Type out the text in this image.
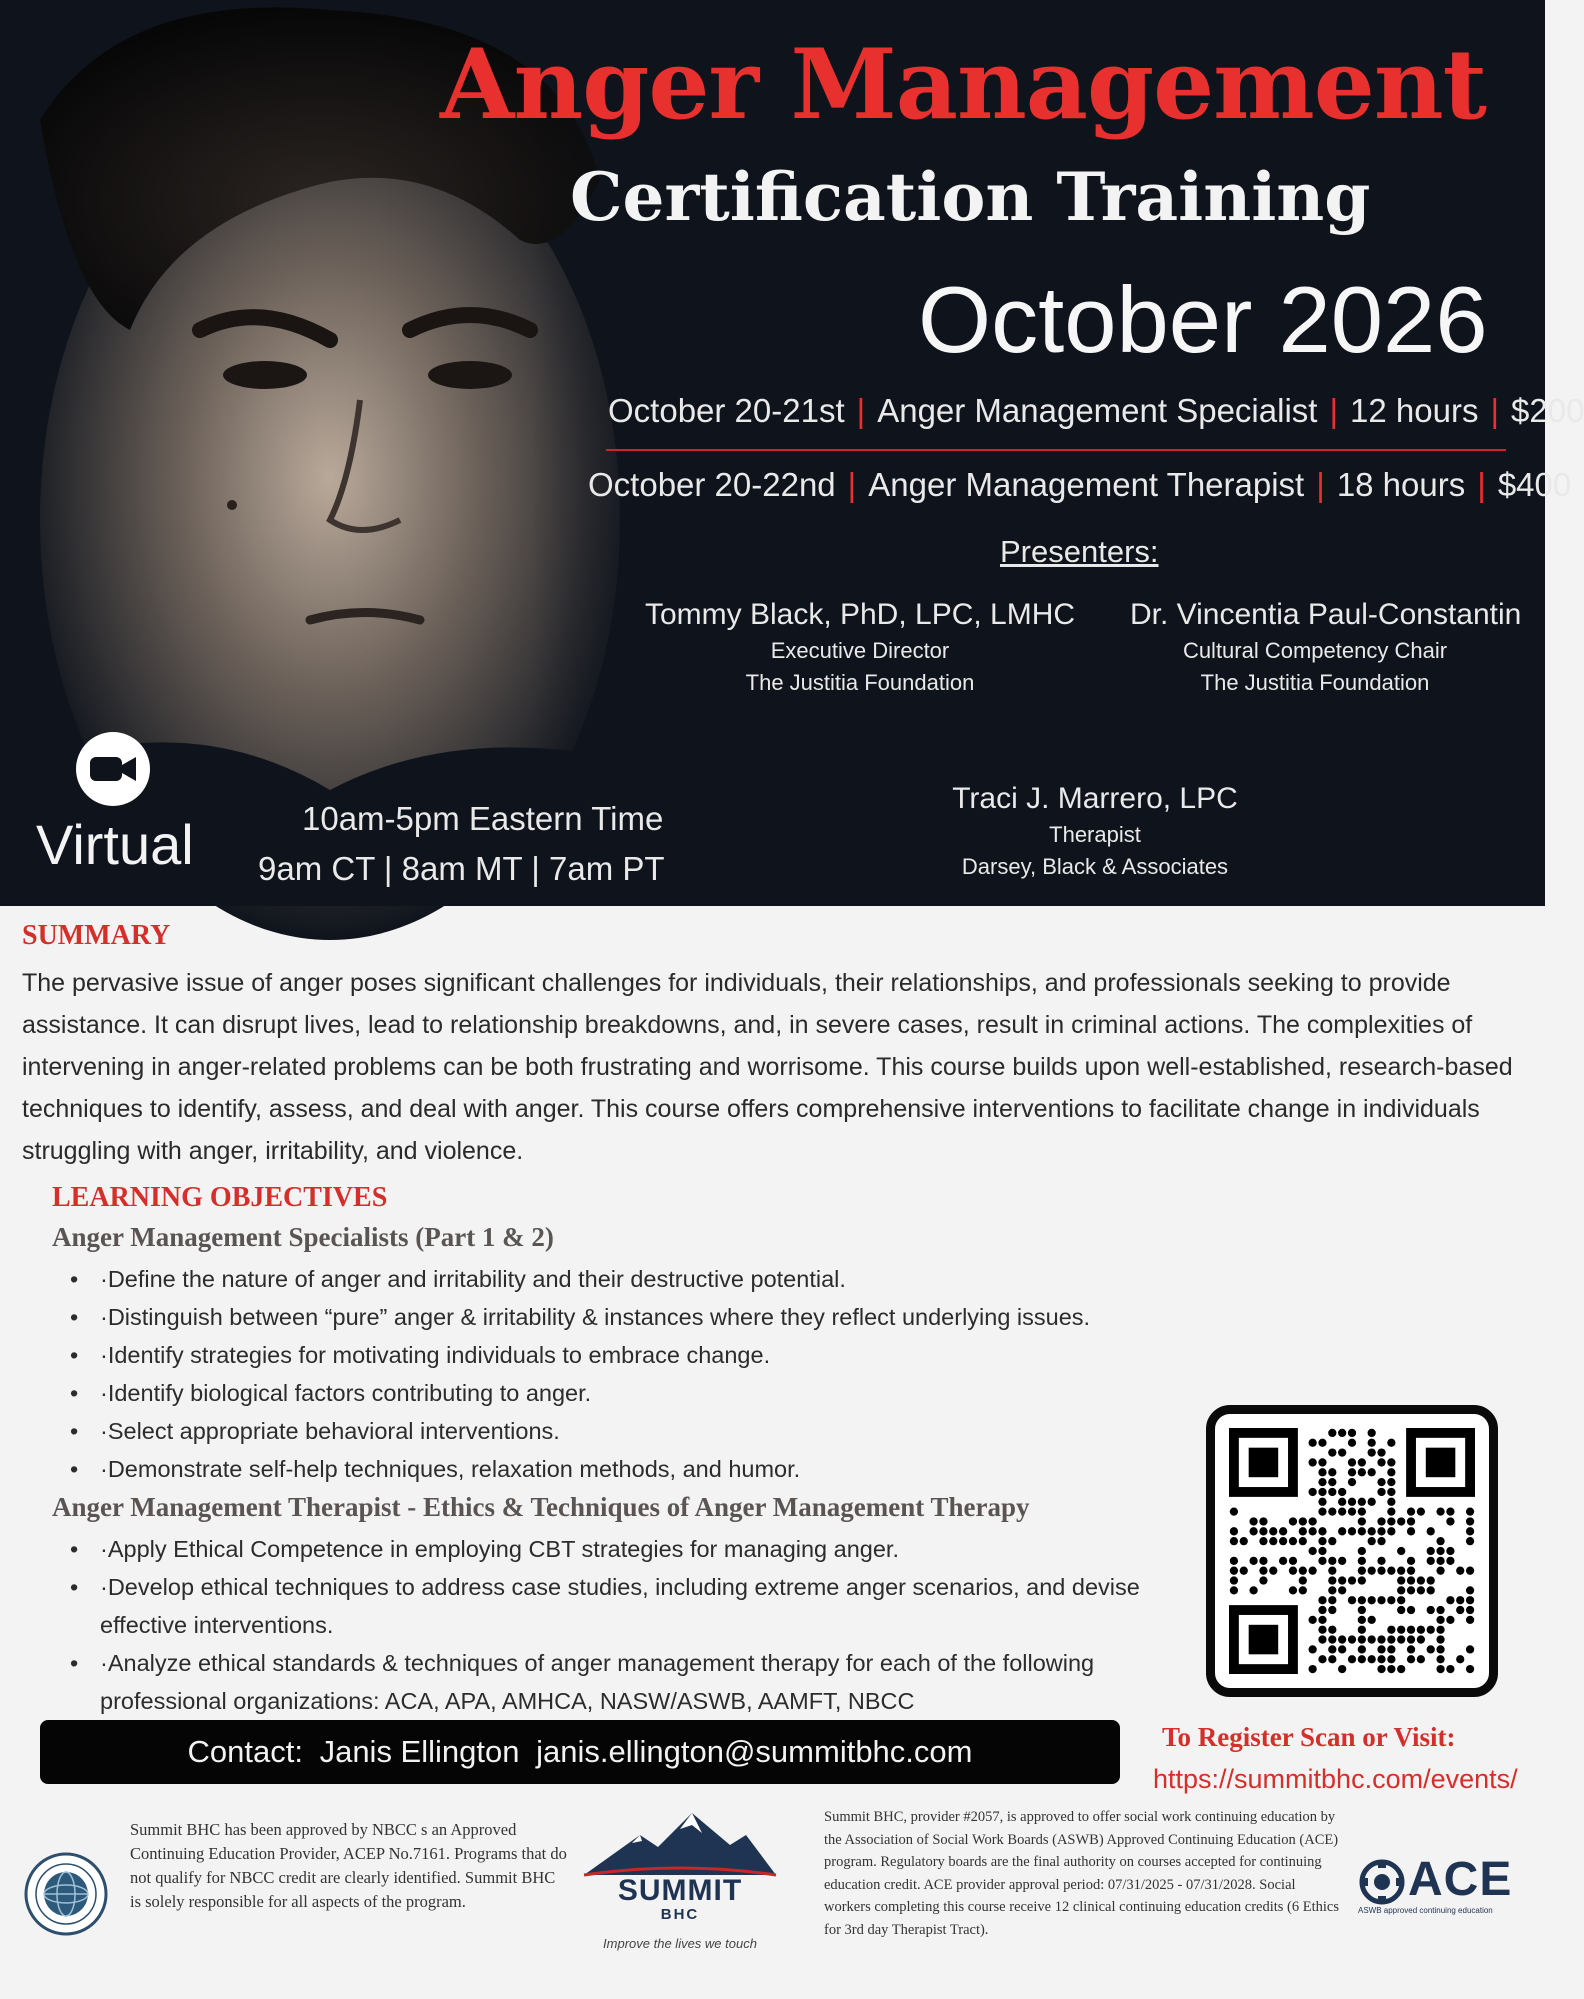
Anger Management
Certification Training
October 2026
October 20-21st | Anger Management Specialist | 12 hours | $200
October 20-22nd | Anger Management Therapist | 18 hours | $400
Presenters:
Tommy Black, PhD, LPC, LMHC
Executive Director
The Justitia Foundation
Dr. Vincentia Paul-Constantin
Cultural Competency Chair
The Justitia Foundation
Traci J. Marrero, LPC
Therapist
Darsey, Black & Associates
Virtual	10am-5pm Eastern Time
9am CT | 8am MT | 7am PT
SUMMARY

The pervasive issue of anger poses significant challenges for individuals, their relationships, and professionals seeking to provide assistance. It can disrupt lives, lead to relationship breakdowns, and, in severe cases, result in criminal actions. The complexities of intervening in anger-related problems can be both frustrating and worrisome. This course builds upon well-established, research-based techniques to identify, assess, and deal with anger. This course offers comprehensive interventions to facilitate change in individuals struggling with anger, irritability, and violence.

LEARNING OBJECTIVES
Anger Management Specialists (Part 1 & 2)
• ·Define the nature of anger and irritability and their destructive potential.
• ·Distinguish between “pure” anger & irritability & instances where they reflect underlying issues.
• ·Identify strategies for motivating individuals to embrace change.
• ·Identify biological factors contributing to anger.
• ·Select appropriate behavioral interventions.
• ·Demonstrate self-help techniques, relaxation methods, and humor.
Anger Management Therapist - Ethics & Techniques of Anger Management Therapy
• ·Apply Ethical Competence in employing CBT strategies for managing anger.
• ·Develop ethical techniques to address case studies, including extreme anger scenarios, and devise effective interventions.
• ·Analyze ethical standards & techniques of anger management therapy for each of the following professional organizations: ACA, APA, AMHCA, NASW/ASWB, AAMFT, NBCC
Contact: Janis Ellington janis.ellington@summitbhc.com	To Register Scan or Visit:
https://summitbhc.com/events/

Summit BHC has been approved by NBCC s an Approved Continuing Education Provider, ACEP No.7161. Programs that do not qualify for NBCC credit are clearly identified. Summit BHC is solely responsible for all aspects of the program.	SUMMIT
BHC
Improve the lives we touch

Summit BHC, provider #2057, is approved to offer social work continuing education by the Association of Social Work Boards (ASWB) Approved Continuing Education (ACE) program. Regulatory boards are the final authority on courses accepted for continuing education credit. ACE provider approval period: 07/31/2025 - 07/31/2028. Social workers completing this course receive 12 clinical continuing education credits (6 Ethics for 3rd day Therapist Tract).

ACE
ASWB approved continuing education
